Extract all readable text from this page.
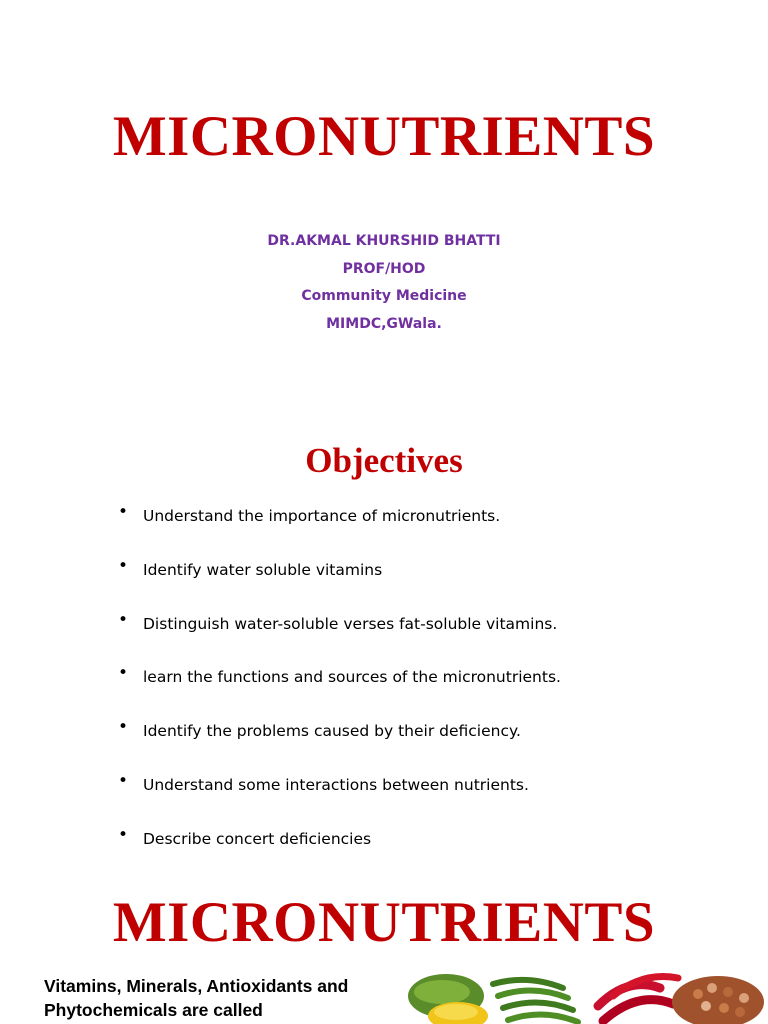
MICRONUTRIENTS
DR.AKMAL KHURSHID BHATTI
PROF/HOD
Community Medicine
MIMDC,GWala.
Objectives
• Understand the importance of micronutrients.
• Identify water soluble vitamins
• Distinguish water-soluble verses fat-soluble vitamins.
• learn the functions and sources of the micronutrients.
• Identify the problems caused by their deficiency.
• Understand some interactions between nutrients.
• Describe concert deficiencies
MICRONUTRIENTS
Vitamins, Minerals, Antioxidants and
Phytochemicals are called
